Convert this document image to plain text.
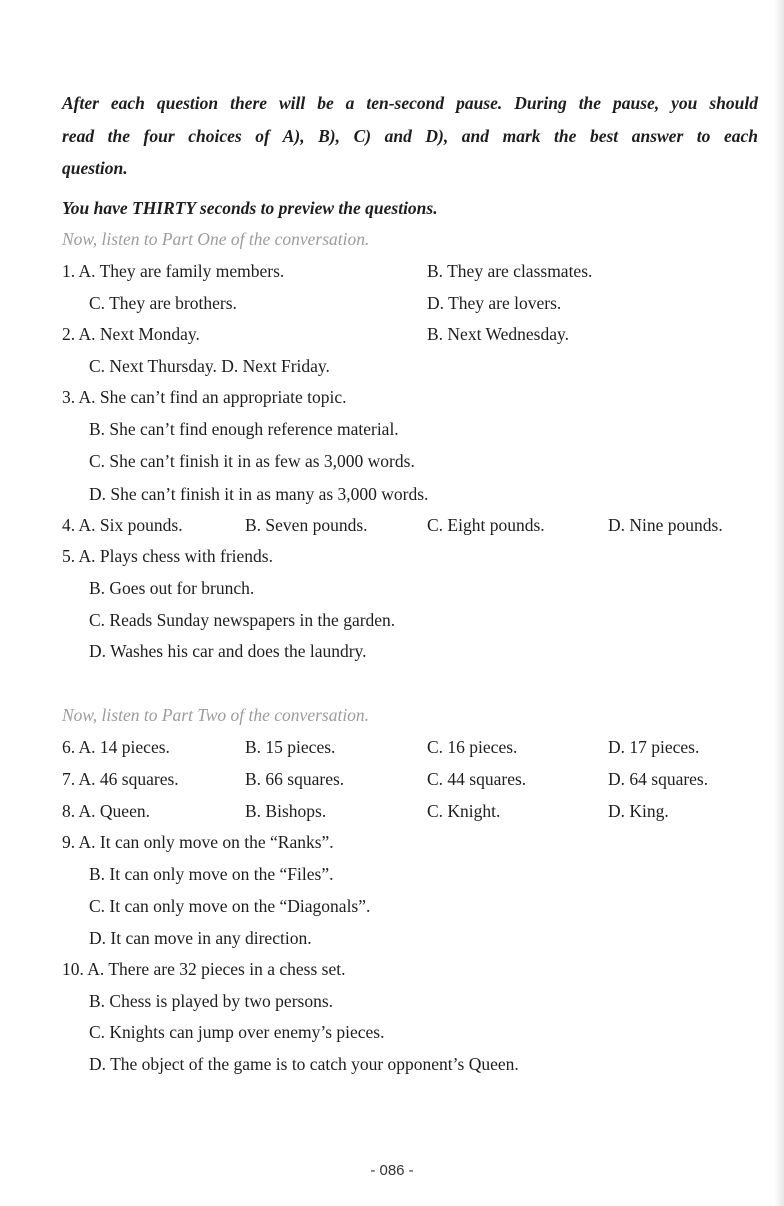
After each question there will be a ten-second pause. During the pause, you should
read the four choices of A), B), C) and D), and mark the best answer to each
question.
You have THIRTY seconds to preview the questions.
Now, listen to Part One of the conversation.
1. A. They are family members.	B. They are classmates.
C. They are brothers.	D. They are lovers.
2. A. Next Monday.	B. Next Wednesday.
C. Next Thursday. D. Next Friday.
3. A. She can’t find an appropriate topic.
B. She can’t find enough reference material.
C. She can’t finish it in as few as 3,000 words.
D. She can’t finish it in as many as 3,000 words.
4. A. Six pounds.	B. Seven pounds.	C. Eight pounds.	D. Nine pounds.
5. A. Plays chess with friends.
B. Goes out for brunch.
C. Reads Sunday newspapers in the garden.
D. Washes his car and does the laundry.
Now, listen to Part Two of the conversation.
6. A. 14 pieces.	B. 15 pieces.	C. 16 pieces.	D. 17 pieces.
7. A. 46 squares.	B. 66 squares.	C. 44 squares.	D. 64 squares.
8. A. Queen.	B. Bishops.	C. Knight.	D. King.
9. A. It can only move on the “Ranks”.
B. It can only move on the “Files”.
C. It can only move on the “Diagonals”.
D. It can move in any direction.
10. A. There are 32 pieces in a chess set.
B. Chess is played by two persons.
C. Knights can jump over enemy’s pieces.
D. The object of the game is to catch your opponent’s Queen.
- 086 -
